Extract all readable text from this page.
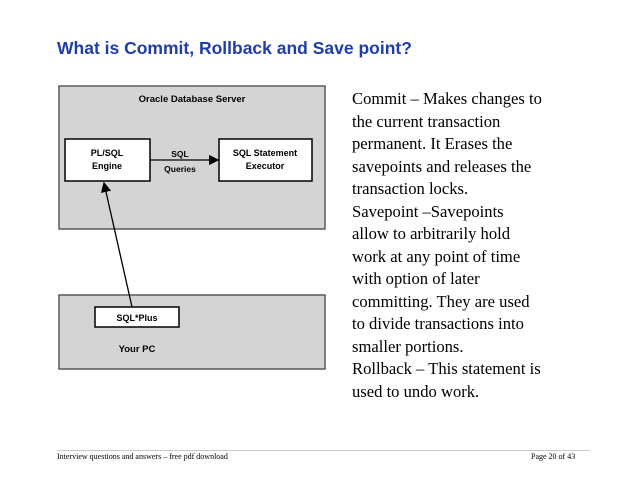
What is Commit, Rollback and Save point?
Oracle Database Server
PL/SQL
Engine
SQL
Queries
SQL Statement
Executor
SQL*Plus
Your PC
Commit – Makes changes to
the current transaction
permanent. It Erases the
savepoints and releases the
transaction locks.
Savepoint –Savepoints
allow to arbitrarily hold
work at any point of time
with option of later
committing. They are used
to divide transactions into
smaller portions.
Rollback – This statement is
used to undo work.
Interview questions and answers – free pdf download	Page 20 of 43
